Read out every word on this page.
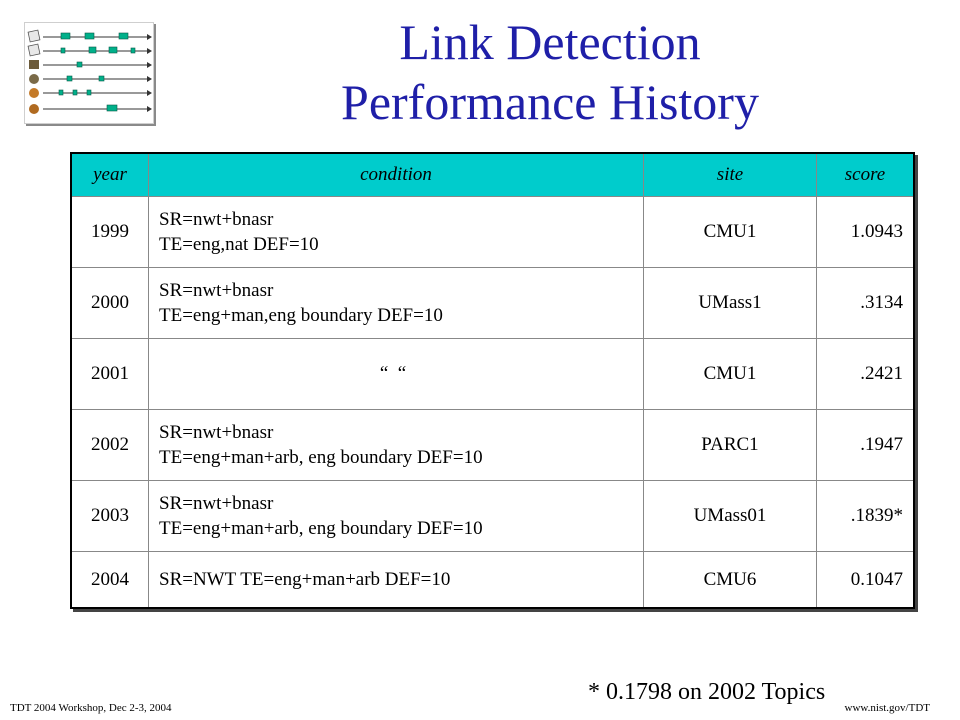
Link Detection
Performance History
year	condition	site	score
1999	SR=nwt+bnasr
TE=eng,nat DEF=10	CMU1	1.0943
2000	SR=nwt+bnasr
TE=eng+man,eng boundary DEF=10	UMass1	.3134
2001	“  “	CMU1	.2421
2002	SR=nwt+bnasr
TE=eng+man+arb, eng boundary DEF=10	PARC1	.1947
2003	SR=nwt+bnasr
TE=eng+man+arb, eng boundary DEF=10	UMass01	.1839*
2004	SR=NWT TE=eng+man+arb DEF=10	CMU6	0.1047
* 0.1798 on 2002 Topics
TDT 2004 Workshop, Dec 2-3, 2004	www.nist.gov/TDT
